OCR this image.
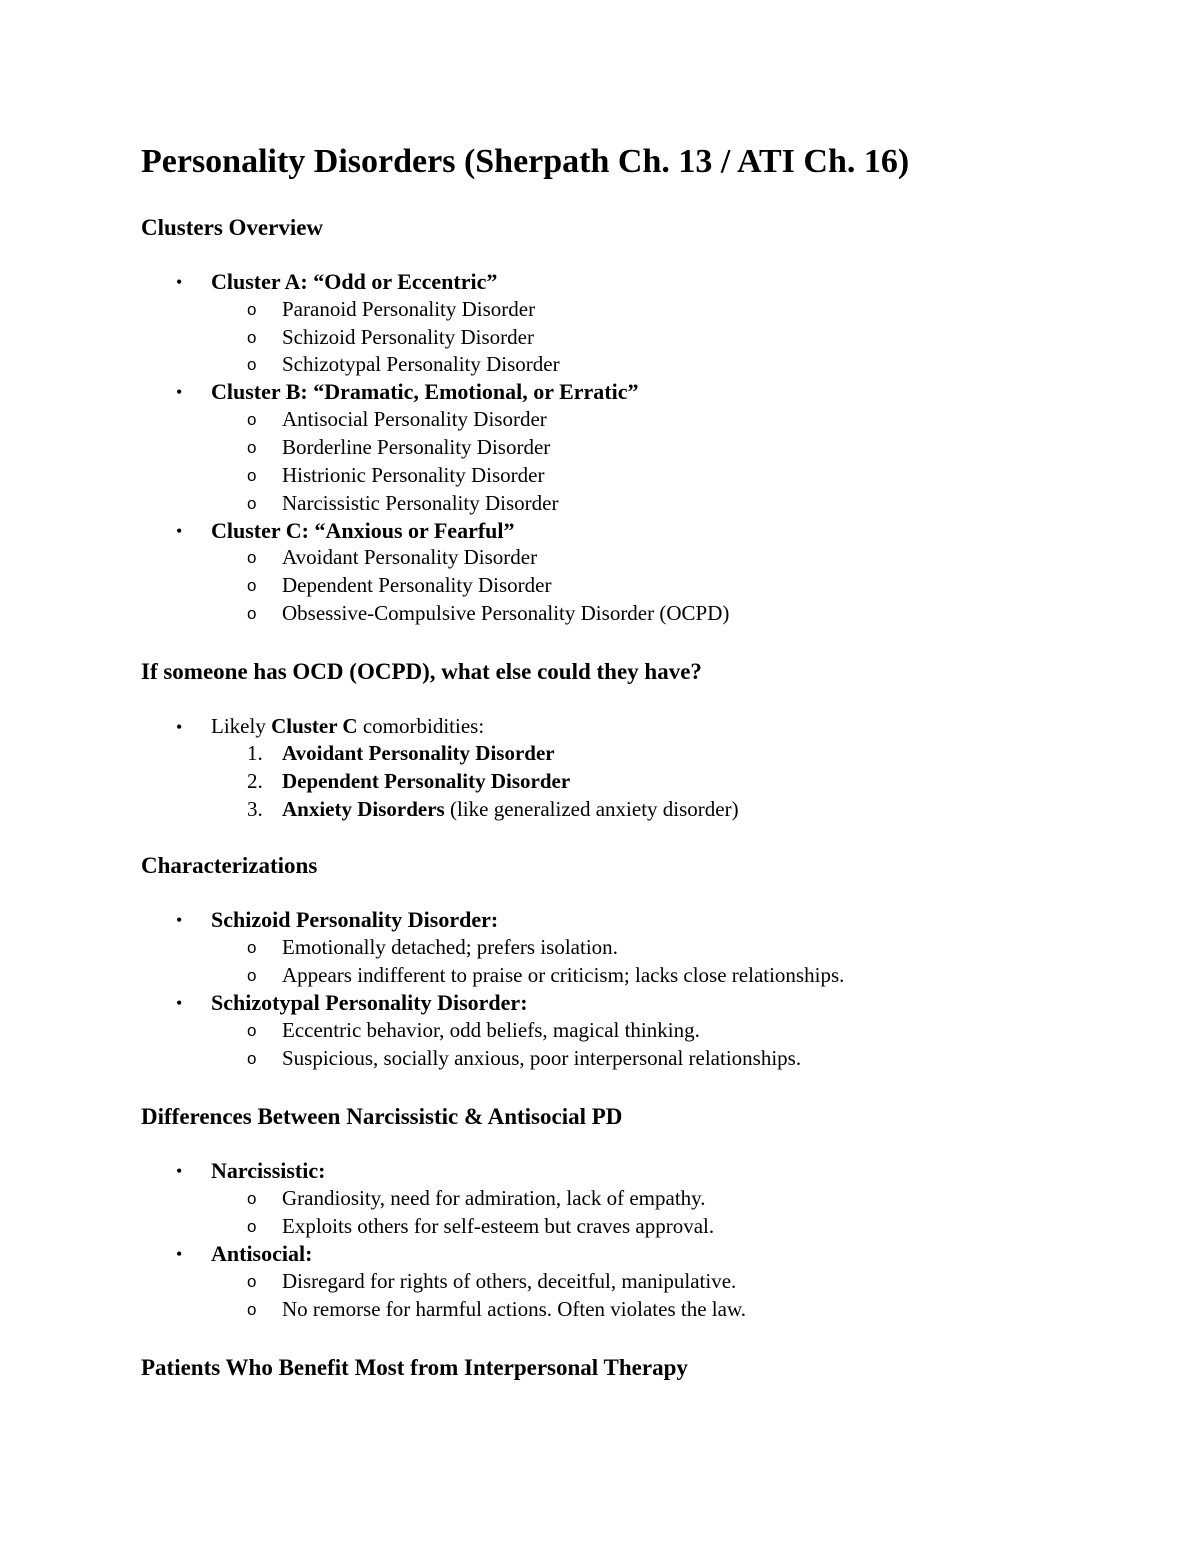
Personality Disorders (Sherpath Ch. 13 / ATI Ch. 16)
Clusters Overview
• Cluster A: “Odd or Eccentric”
o Paranoid Personality Disorder
o Schizoid Personality Disorder
o Schizotypal Personality Disorder
• Cluster B: “Dramatic, Emotional, or Erratic”
o Antisocial Personality Disorder
o Borderline Personality Disorder
o Histrionic Personality Disorder
o Narcissistic Personality Disorder
• Cluster C: “Anxious or Fearful”
o Avoidant Personality Disorder
o Dependent Personality Disorder
o Obsessive-Compulsive Personality Disorder (OCPD)
If someone has OCD (OCPD), what else could they have?
• Likely Cluster C comorbidities:
1. Avoidant Personality Disorder
2. Dependent Personality Disorder
3. Anxiety Disorders (like generalized anxiety disorder)
Characterizations
• Schizoid Personality Disorder:
o Emotionally detached; prefers isolation.
o Appears indifferent to praise or criticism; lacks close relationships.
• Schizotypal Personality Disorder:
o Eccentric behavior, odd beliefs, magical thinking.
o Suspicious, socially anxious, poor interpersonal relationships.
Differences Between Narcissistic & Antisocial PD
• Narcissistic:
o Grandiosity, need for admiration, lack of empathy.
o Exploits others for self-esteem but craves approval.
• Antisocial:
o Disregard for rights of others, deceitful, manipulative.
o No remorse for harmful actions. Often violates the law.
Patients Who Benefit Most from Interpersonal Therapy
